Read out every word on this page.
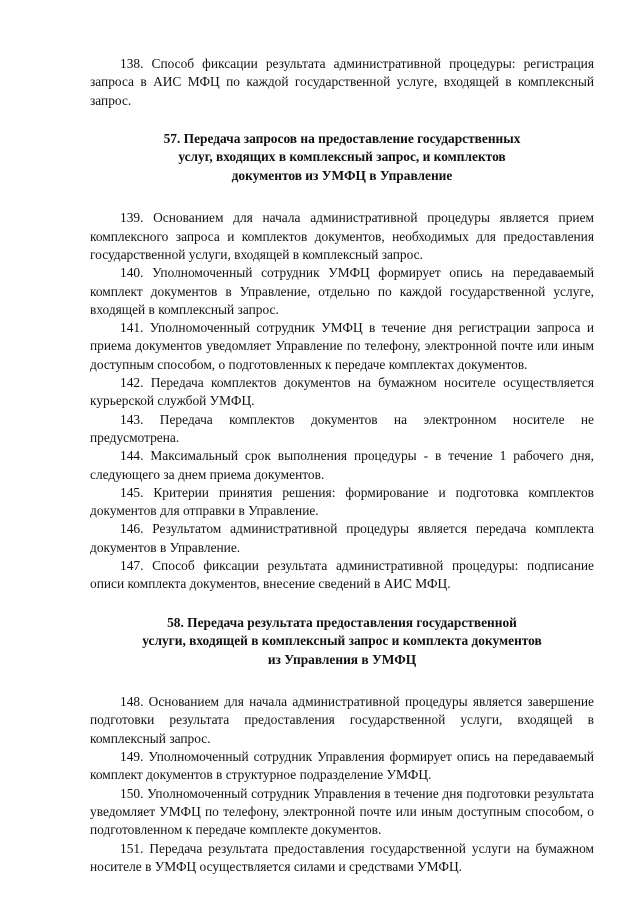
138. Способ фиксации результата административной процедуры: регистрация запроса в АИС МФЦ по каждой государственной услуге, входящей в комплексный запрос.

57. Передача запросов на предоставление государственных
услуг, входящих в комплексный запрос, и комплектов
документов из УМФЦ в Управление

139. Основанием для начала административной процедуры является прием комплексного запроса и комплектов документов, необходимых для предоставления государственной услуги, входящей в комплексный запрос.

140. Уполномоченный сотрудник УМФЦ формирует опись на передаваемый комплект документов в Управление, отдельно по каждой государственной услуге, входящей в комплексный запрос.

141. Уполномоченный сотрудник УМФЦ в течение дня регистрации запроса и приема документов уведомляет Управление по телефону, электронной почте или иным доступным способом, о подготовленных к передаче комплектах документов.

142. Передача комплектов документов на бумажном носителе осуществляется курьерской службой УМФЦ.

143. Передача комплектов документов на электронном носителе не предусмотрена.

144. Максимальный срок выполнения процедуры - в течение 1 рабочего дня, следующего за днем приема документов.

145. Критерии принятия решения: формирование и подготовка комплектов документов для отправки в Управление.

146. Результатом административной процедуры является передача комплекта документов в Управление.

147. Способ фиксации результата административной процедуры: подписание описи комплекта документов, внесение сведений в АИС МФЦ.

58. Передача результата предоставления государственной
услуги, входящей в комплексный запрос и комплекта документов
из Управления в УМФЦ

148. Основанием для начала административной процедуры является завершение подготовки результата предоставления государственной услуги, входящей в комплексный запрос.

149. Уполномоченный сотрудник Управления формирует опись на передаваемый комплект документов в структурное подразделение УМФЦ.

150. Уполномоченный сотрудник Управления в течение дня подготовки результата уведомляет УМФЦ по телефону, электронной почте или иным доступным способом, о подготовленном к передаче комплекте документов.

151. Передача результата предоставления государственной услуги на бумажном носителе в УМФЦ осуществляется силами и средствами УМФЦ.
